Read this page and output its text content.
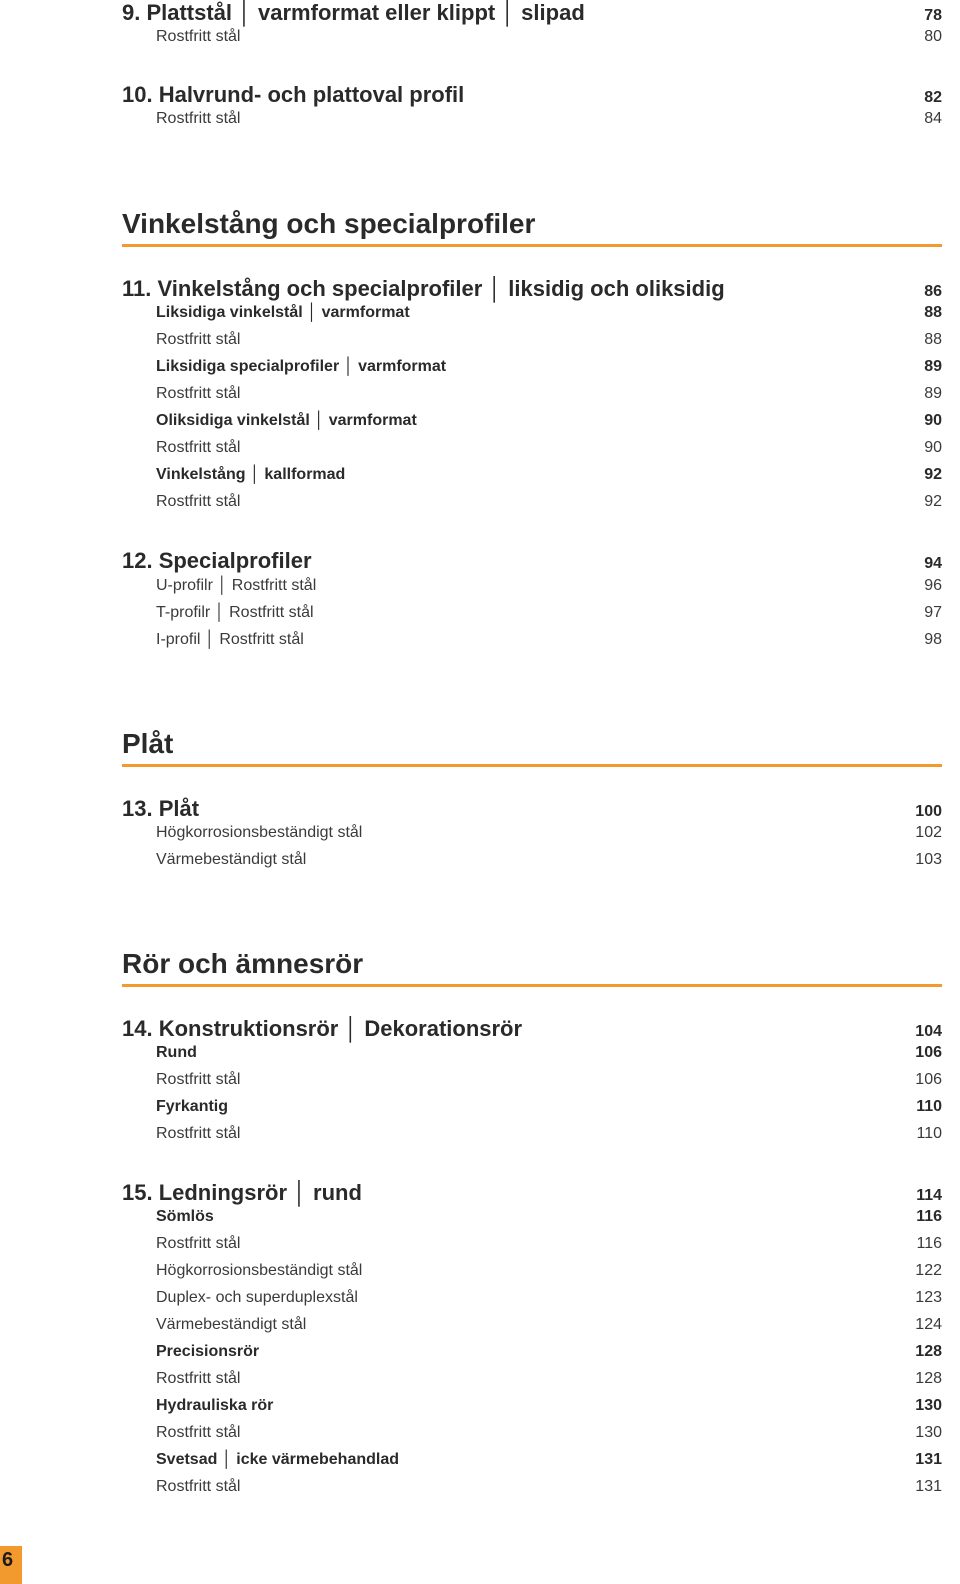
9. Plattstål │ varmformat eller klippt │ slipad	78
Rostfritt stål	80
10. Halvrund- och plattoval profil	82
Rostfritt stål	84
Vinkelstång och specialprofiler
11. Vinkelstång och specialprofiler │ liksidig och oliksidig	86
Liksidiga vinkelstål │ varmformat	88
Rostfritt stål	88
Liksidiga specialprofiler │ varmformat	89
Rostfritt stål	89
Oliksidiga vinkelstål │ varmformat	90
Rostfritt stål	90
Vinkelstång │ kallformad	92
Rostfritt stål	92
12. Specialprofiler	94
U-profilr │ Rostfritt stål	96
T-profilr │ Rostfritt stål	97
I-profil │ Rostfritt stål	98
Plåt
13. Plåt	100
Högkorrosionsbeständigt stål	102
Värmebeständigt stål	103
Rör och ämnesrör
14. Konstruktionsrör │ Dekorationsrör	104
Rund	106
Rostfritt stål	106
Fyrkantig	110
Rostfritt stål	110
15. Ledningsrör │ rund	114
Sömlös	116
Rostfritt stål	116
Högkorrosionsbeständigt stål	122
Duplex- och superduplexstål	123
Värmebeständigt stål	124
Precisionsrör	128
Rostfritt stål	128
Hydrauliska rör	130
Rostfritt stål	130
Svetsad │ icke värmebehandlad	131
Rostfritt stål	131
6
